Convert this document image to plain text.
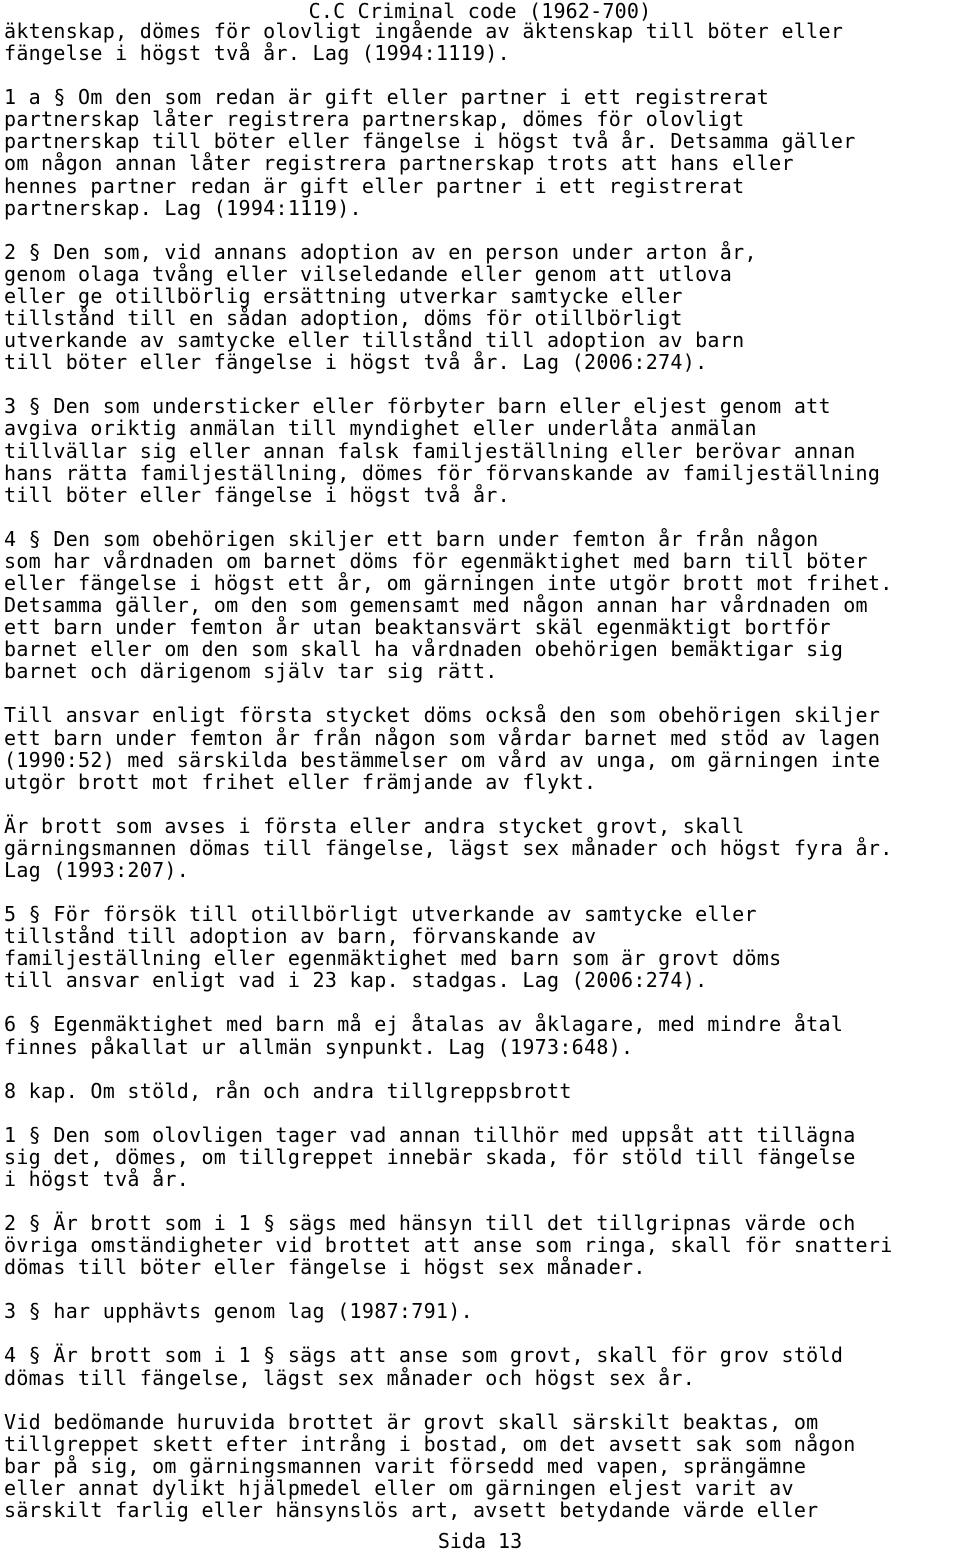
C.C Criminal code (1962-700)
äktenskap, dömes för olovligt ingående av äktenskap till böter eller
fängelse i högst två år. Lag (1994:1119).
1 a § Om den som redan är gift eller partner i ett registrerat
partnerskap låter registrera partnerskap, dömes för olovligt
partnerskap till böter eller fängelse i högst två år. Detsamma gäller
om någon annan låter registrera partnerskap trots att hans eller
hennes partner redan är gift eller partner i ett registrerat
partnerskap. Lag (1994:1119).
2 § Den som, vid annans adoption av en person under arton år,
genom olaga tvång eller vilseledande eller genom att utlova
eller ge otillbörlig ersättning utverkar samtycke eller
tillstånd till en sådan adoption, döms för otillbörligt
utverkande av samtycke eller tillstånd till adoption av barn
till böter eller fängelse i högst två år. Lag (2006:274).
3 § Den som understicker eller förbyter barn eller eljest genom att
avgiva oriktig anmälan till myndighet eller underlåta anmälan
tillvällar sig eller annan falsk familjeställning eller berövar annan
hans rätta familjeställning, dömes för förvanskande av familjeställning
till böter eller fängelse i högst två år.
4 § Den som obehörigen skiljer ett barn under femton år från någon
som har vårdnaden om barnet döms för egenmäktighet med barn till böter
eller fängelse i högst ett år, om gärningen inte utgör brott mot frihet.
Detsamma gäller, om den som gemensamt med någon annan har vårdnaden om
ett barn under femton år utan beaktansvärt skäl egenmäktigt bortför
barnet eller om den som skall ha vårdnaden obehörigen bemäktigar sig
barnet och därigenom själv tar sig rätt.
Till ansvar enligt första stycket döms också den som obehörigen skiljer
ett barn under femton år från någon som vårdar barnet med stöd av lagen
(1990:52) med särskilda bestämmelser om vård av unga, om gärningen inte
utgör brott mot frihet eller främjande av flykt.
Är brott som avses i första eller andra stycket grovt, skall
gärningsmannen dömas till fängelse, lägst sex månader och högst fyra år.
Lag (1993:207).
5 § För försök till otillbörligt utverkande av samtycke eller
tillstånd till adoption av barn, förvanskande av
familjeställning eller egenmäktighet med barn som är grovt döms
till ansvar enligt vad i 23 kap. stadgas. Lag (2006:274).
6 § Egenmäktighet med barn må ej åtalas av åklagare, med mindre åtal
finnes påkallat ur allmän synpunkt. Lag (1973:648).
8 kap. Om stöld, rån och andra tillgreppsbrott
1 § Den som olovligen tager vad annan tillhör med uppsåt att tillägna
sig det, dömes, om tillgreppet innebär skada, för stöld till fängelse
i högst två år.
2 § Är brott som i 1 § sägs med hänsyn till det tillgripnas värde och
övriga omständigheter vid brottet att anse som ringa, skall för snatteri
dömas till böter eller fängelse i högst sex månader.
3 § har upphävts genom lag (1987:791).
4 § Är brott som i 1 § sägs att anse som grovt, skall för grov stöld
dömas till fängelse, lägst sex månader och högst sex år.
Vid bedömande huruvida brottet är grovt skall särskilt beaktas, om
tillgreppet skett efter intrång i bostad, om det avsett sak som någon
bar på sig, om gärningsmannen varit försedd med vapen, sprängämne
eller annat dylikt hjälpmedel eller om gärningen eljest varit av
särskilt farlig eller hänsynslös art, avsett betydande värde eller
Sida 13
